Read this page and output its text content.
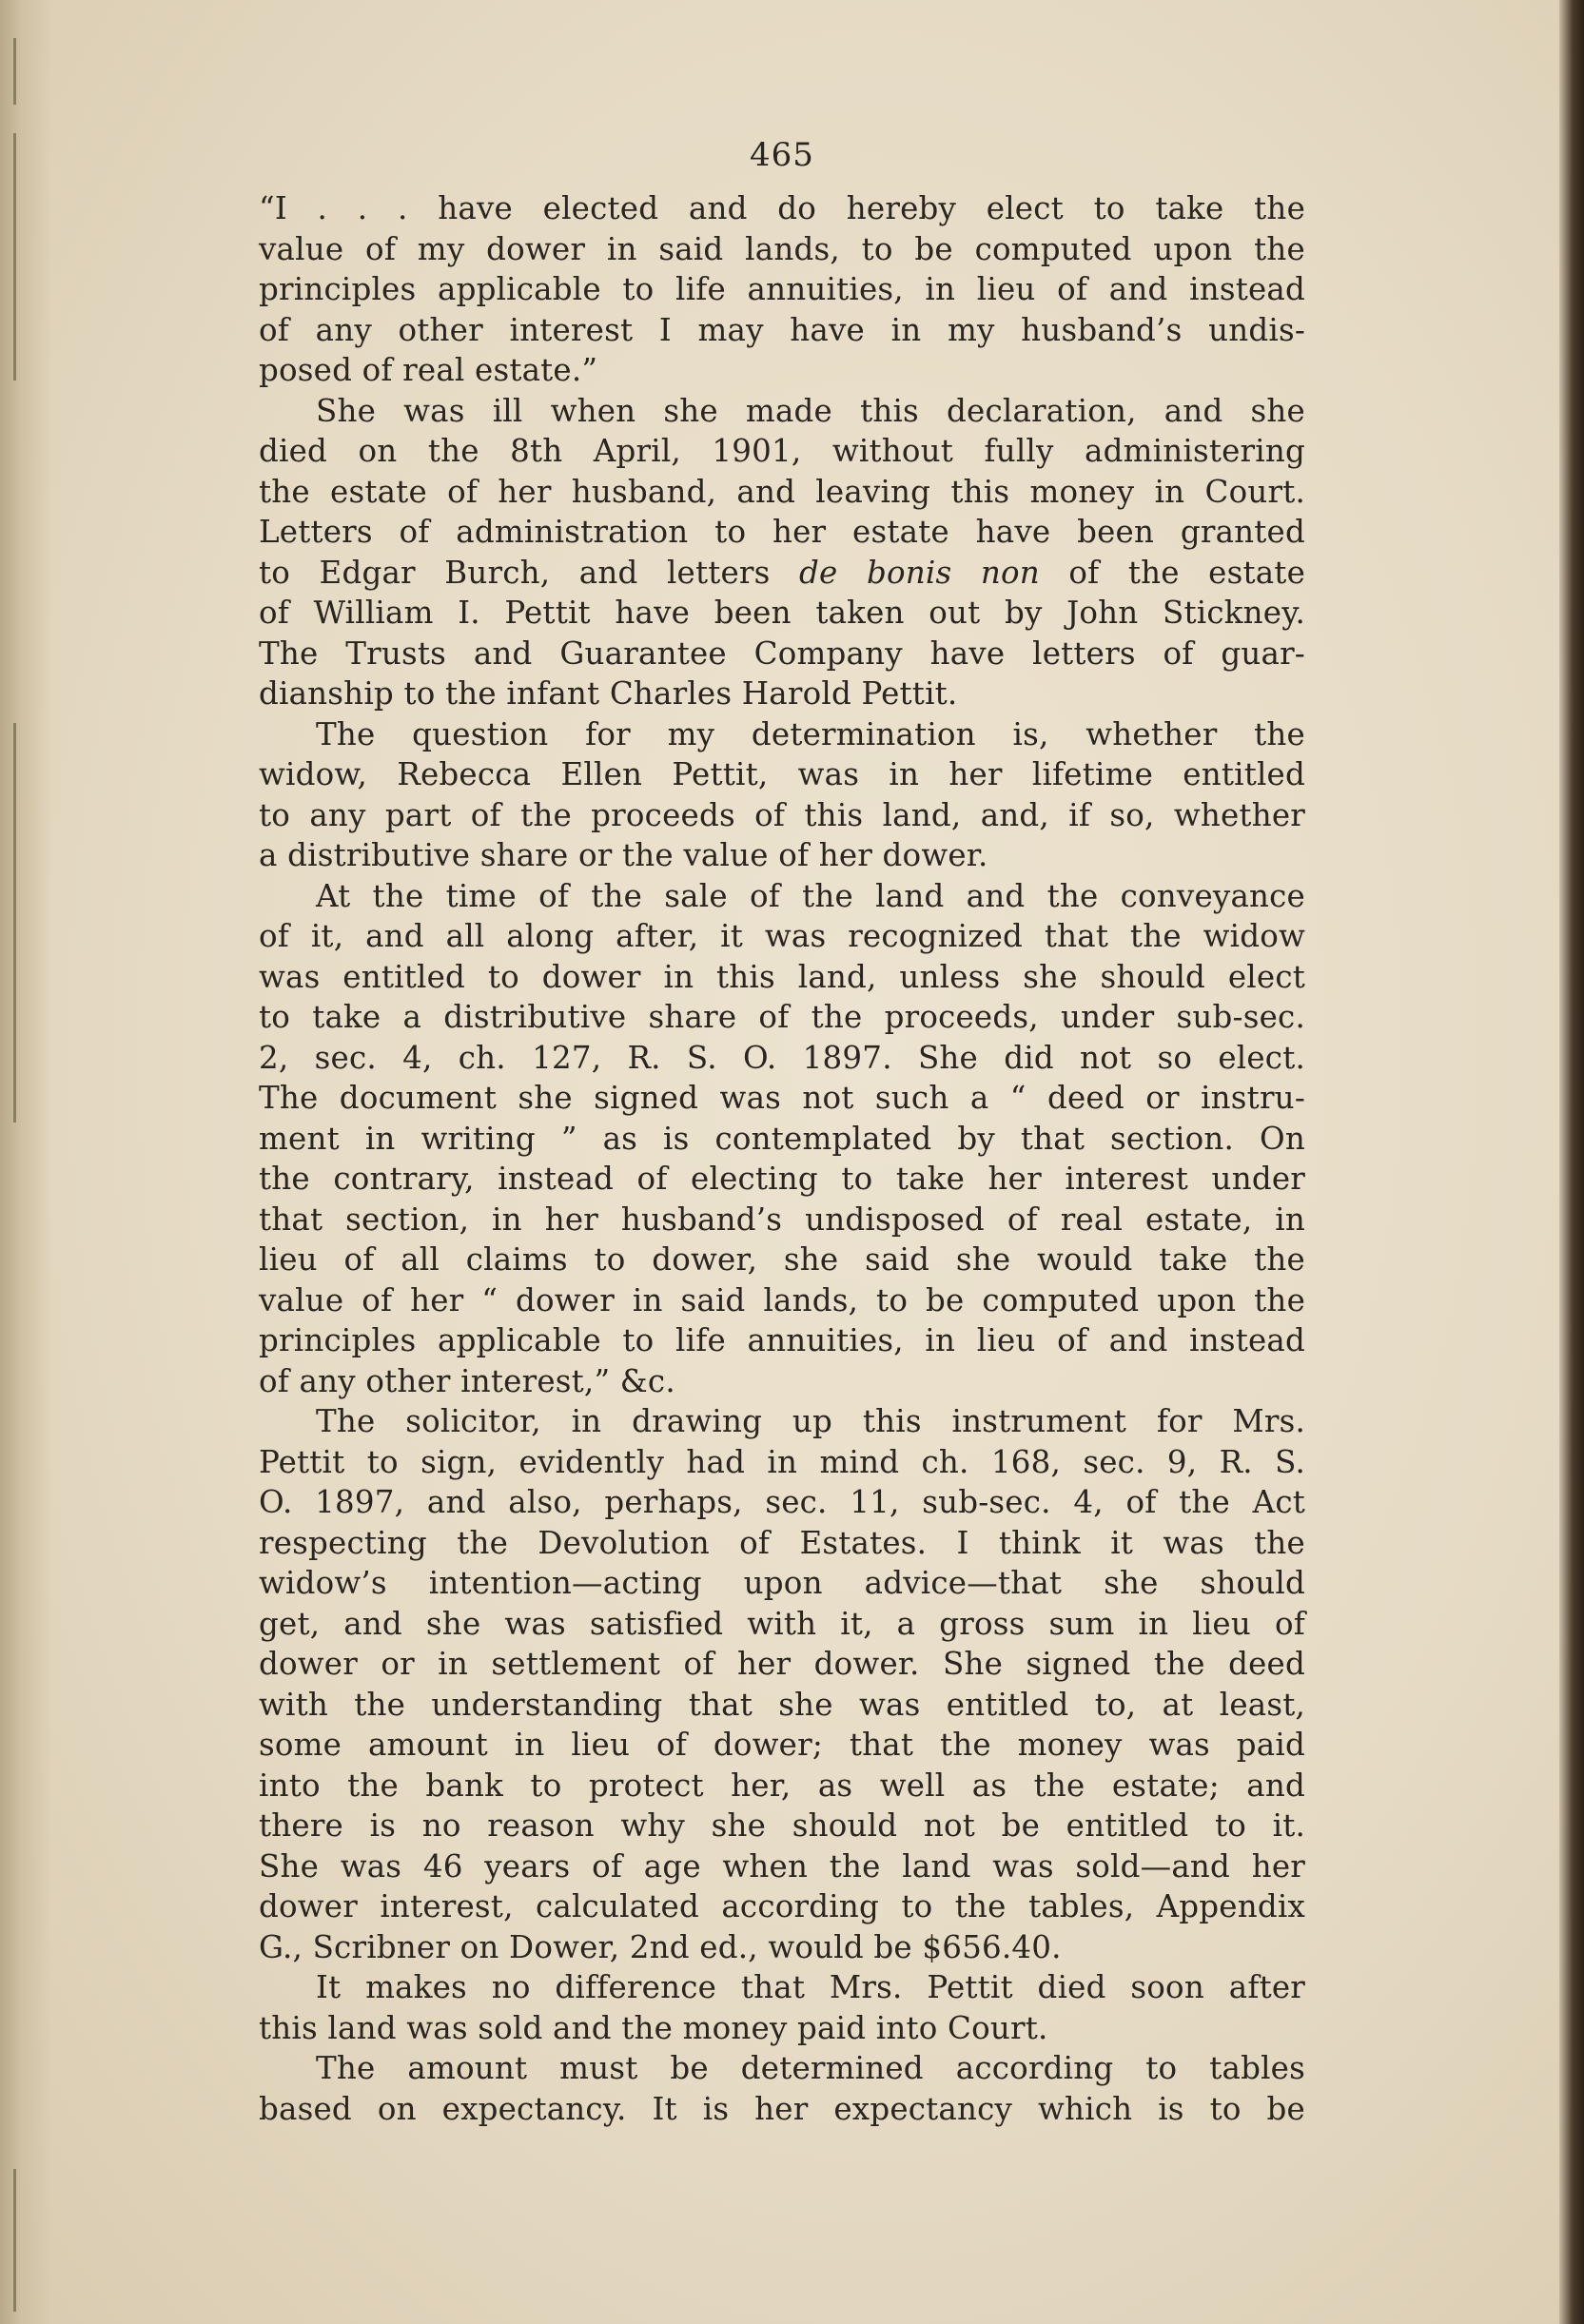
465
“I . . . have elected and do hereby elect to take the
value of my dower in said lands, to be computed upon the
principles applicable to life annuities, in lieu of and instead
of any other interest I may have in my husband’s undis-
posed of real estate.”
She was ill when she made this declaration, and she
died on the 8th April, 1901, without fully administering
the estate of her husband, and leaving this money in Court.
Letters of administration to her estate have been granted
to Edgar Burch, and letters de bonis non of the estate
of William I. Pettit have been taken out by John Stickney.
The Trusts and Guarantee Company have letters of guar-
dianship to the infant Charles Harold Pettit.
The question for my determination is, whether the
widow, Rebecca Ellen Pettit, was in her lifetime entitled
to any part of the proceeds of this land, and, if so, whether
a distributive share or the value of her dower.
At the time of the sale of the land and the conveyance
of it, and all along after, it was recognized that the widow
was entitled to dower in this land, unless she should elect
to take a distributive share of the proceeds, under sub-sec.
2, sec. 4, ch. 127, R. S. O. 1897. She did not so elect.
The document she signed was not such a “ deed or instru-
ment in writing ” as is contemplated by that section. On
the contrary, instead of electing to take her interest under
that section, in her husband’s undisposed of real estate, in
lieu of all claims to dower, she said she would take the
value of her “ dower in said lands, to be computed upon the
principles applicable to life annuities, in lieu of and instead
of any other interest,” &c.
The solicitor, in drawing up this instrument for Mrs.
Pettit to sign, evidently had in mind ch. 168, sec. 9, R. S.
O. 1897, and also, perhaps, sec. 11, sub-sec. 4, of the Act
respecting the Devolution of Estates. I think it was the
widow’s intention—acting upon advice—that she should
get, and she was satisfied with it, a gross sum in lieu of
dower or in settlement of her dower. She signed the deed
with the understanding that she was entitled to, at least,
some amount in lieu of dower; that the money was paid
into the bank to protect her, as well as the estate; and
there is no reason why she should not be entitled to it.
She was 46 years of age when the land was sold—and her
dower interest, calculated according to the tables, Appendix
G., Scribner on Dower, 2nd ed., would be $656.40.
It makes no difference that Mrs. Pettit died soon after
this land was sold and the money paid into Court.
The amount must be determined according to tables
based on expectancy. It is her expectancy which is to be
